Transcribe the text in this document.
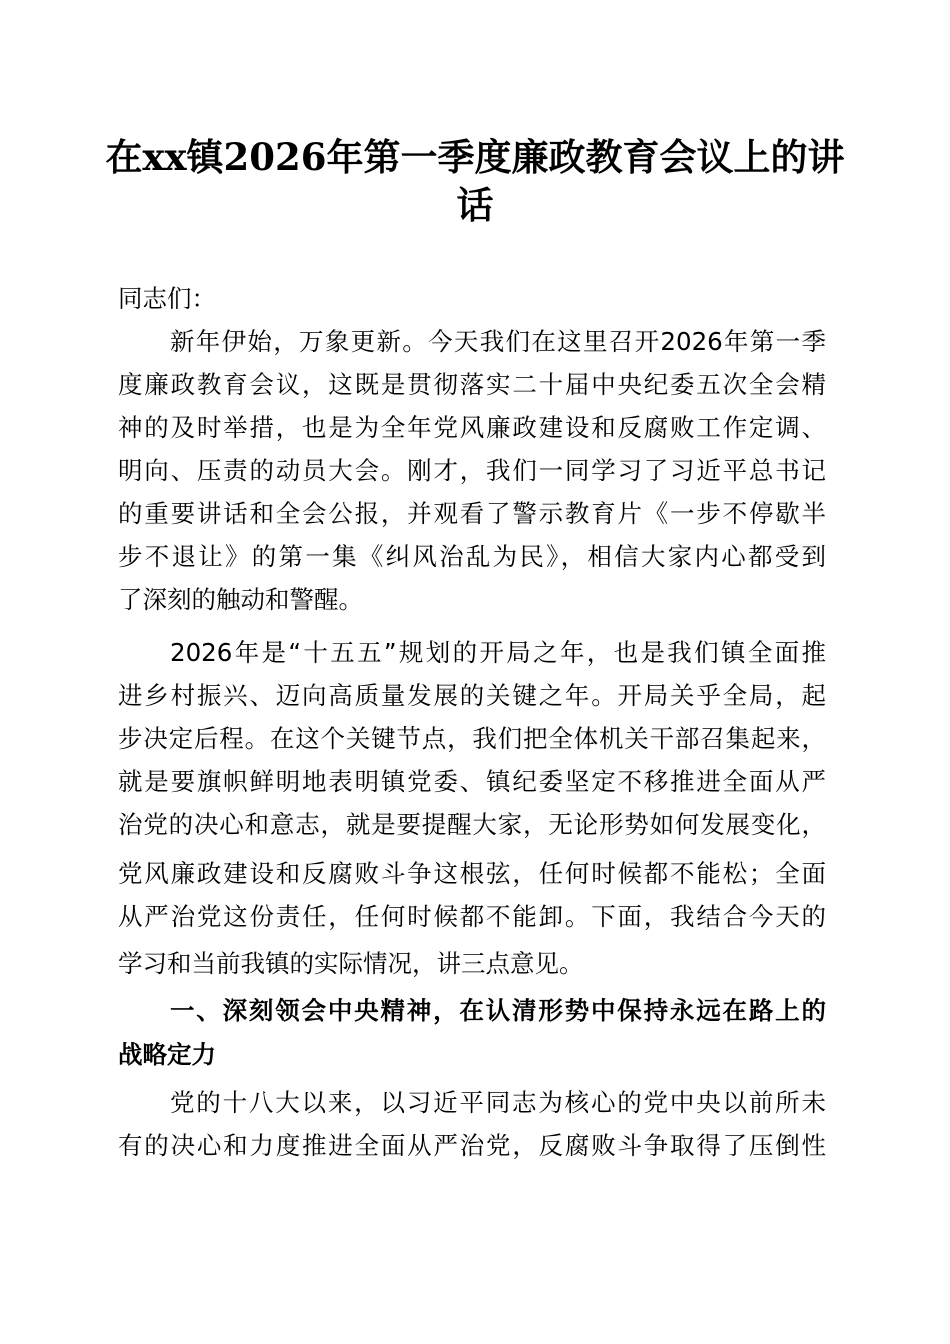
在xx镇2026年第一季度廉政教育会议上的讲
话
同志们：
新年伊始，万象更新。今天我们在这里召开2026年第一季
度廉政教育会议，这既是贯彻落实二十届中央纪委五次全会精
神的及时举措，也是为全年党风廉政建设和反腐败工作定调、
明向、压责的动员大会。刚才，我们一同学习了习近平总书记
的重要讲话和全会公报，并观看了警示教育片《一步不停歇半
步不退让》的第一集《纠风治乱为民》，相信大家内心都受到
了深刻的触动和警醒。
2026年是“十五五”规划的开局之年，也是我们镇全面推
进乡村振兴、迈向高质量发展的关键之年。开局关乎全局，起
步决定后程。在这个关键节点，我们把全体机关干部召集起来，
就是要旗帜鲜明地表明镇党委、镇纪委坚定不移推进全面从严
治党的决心和意志，就是要提醒大家，无论形势如何发展变化，
党风廉政建设和反腐败斗争这根弦，任何时候都不能松；全面
从严治党这份责任，任何时候都不能卸。下面，我结合今天的
学习和当前我镇的实际情况，讲三点意见。
一、深刻领会中央精神，在认清形势中保持永远在路上的
战略定力
党的十八大以来，以习近平同志为核心的党中央以前所未
有的决心和力度推进全面从严治党，反腐败斗争取得了压倒性
